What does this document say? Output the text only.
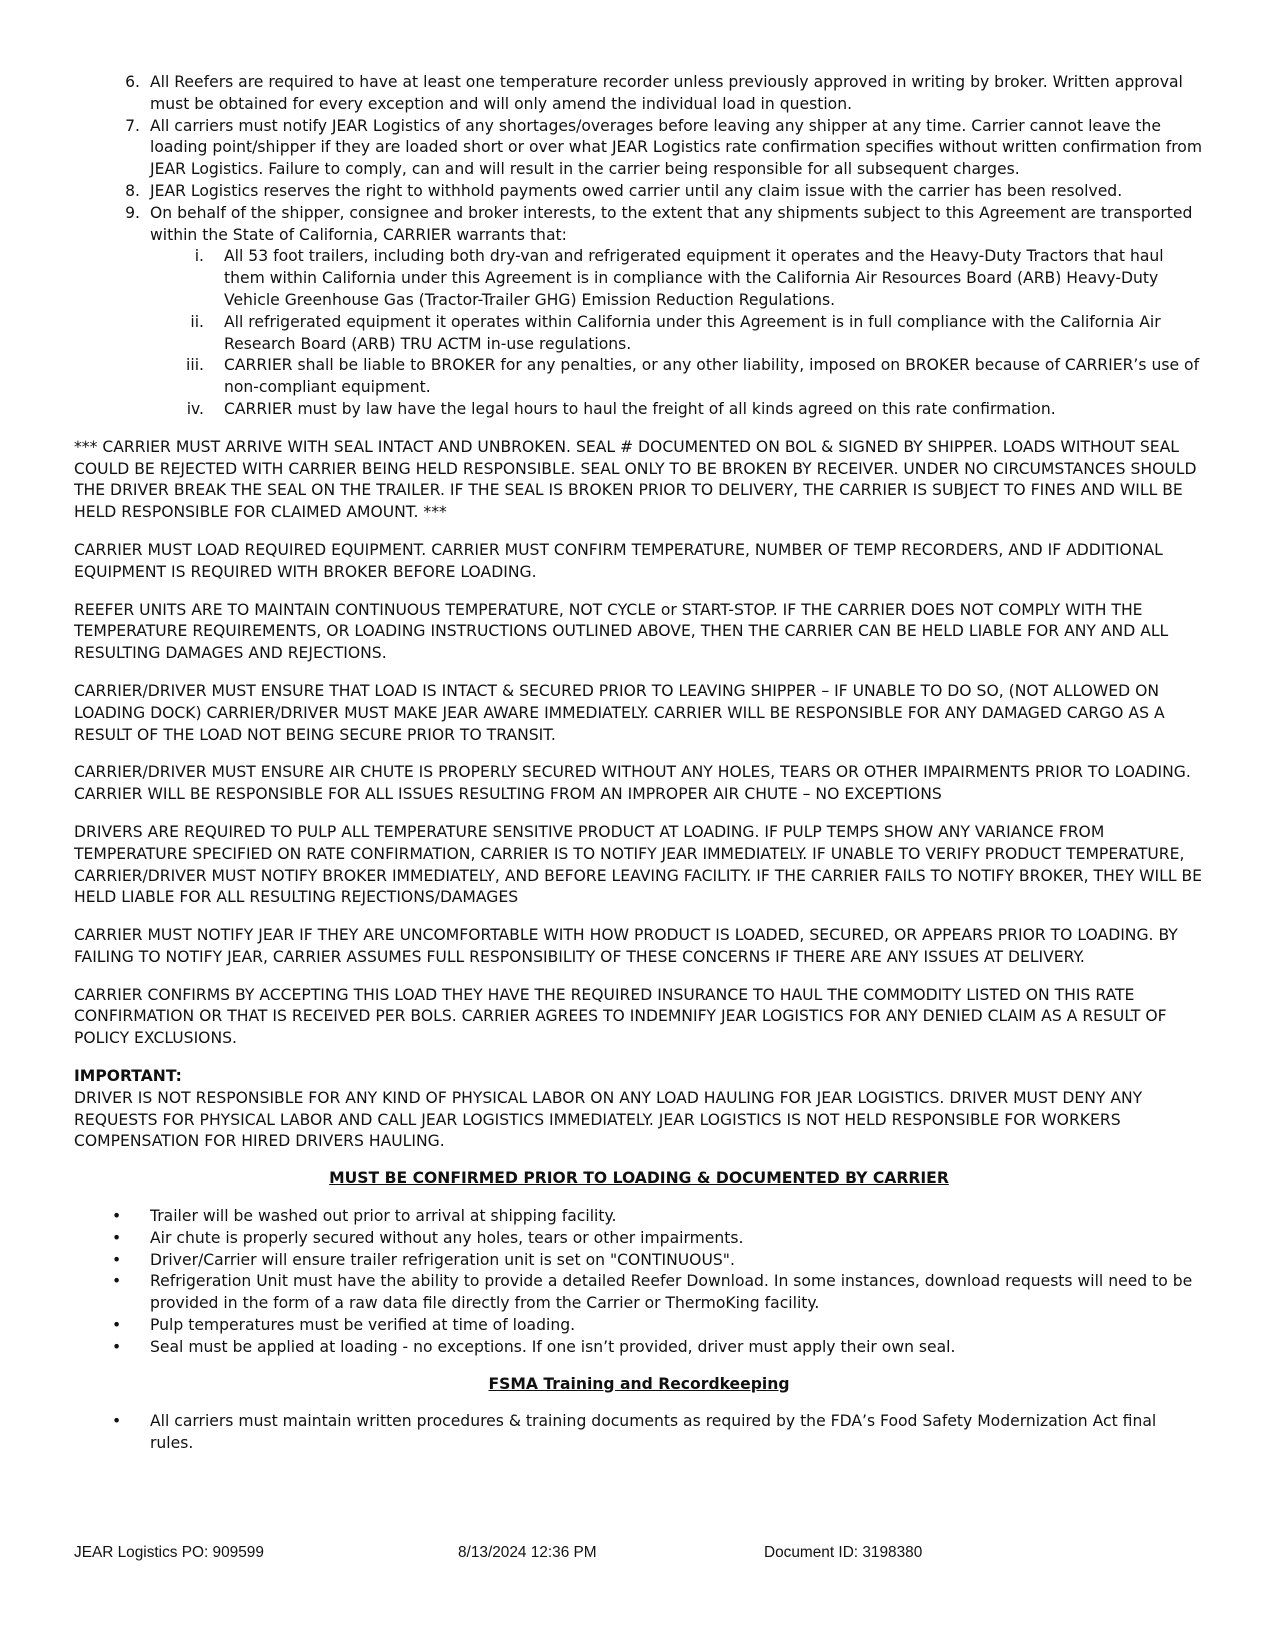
6. All Reefers are required to have at least one temperature recorder unless previously approved in writing by broker. Written approval must be obtained for every exception and will only amend the individual load in question.
7. All carriers must notify JEAR Logistics of any shortages/overages before leaving any shipper at any time. Carrier cannot leave the loading point/shipper if they are loaded short or over what JEAR Logistics rate confirmation specifies without written confirmation from JEAR Logistics. Failure to comply, can and will result in the carrier being responsible for all subsequent charges.
8. JEAR Logistics reserves the right to withhold payments owed carrier until any claim issue with the carrier has been resolved.
9. On behalf of the shipper, consignee and broker interests, to the extent that any shipments subject to this Agreement are transported within the State of California, CARRIER warrants that:
i. All 53 foot trailers, including both dry-van and refrigerated equipment it operates and the Heavy-Duty Tractors that haul them within California under this Agreement is in compliance with the California Air Resources Board (ARB) Heavy-Duty Vehicle Greenhouse Gas (Tractor-Trailer GHG) Emission Reduction Regulations.
ii. All refrigerated equipment it operates within California under this Agreement is in full compliance with the California Air Research Board (ARB) TRU ACTM in-use regulations.
iii. CARRIER shall be liable to BROKER for any penalties, or any other liability, imposed on BROKER because of CARRIER’s use of non-compliant equipment.
iv. CARRIER must by law have the legal hours to haul the freight of all kinds agreed on this rate confirmation.

*** CARRIER MUST ARRIVE WITH SEAL INTACT AND UNBROKEN. SEAL # DOCUMENTED ON BOL & SIGNED BY SHIPPER. LOADS WITHOUT SEAL COULD BE REJECTED WITH CARRIER BEING HELD RESPONSIBLE. SEAL ONLY TO BE BROKEN BY RECEIVER. UNDER NO CIRCUMSTANCES SHOULD THE DRIVER BREAK THE SEAL ON THE TRAILER. IF THE SEAL IS BROKEN PRIOR TO DELIVERY, THE CARRIER IS SUBJECT TO FINES AND WILL BE HELD RESPONSIBLE FOR CLAIMED AMOUNT. ***

CARRIER MUST LOAD REQUIRED EQUIPMENT. CARRIER MUST CONFIRM TEMPERATURE, NUMBER OF TEMP RECORDERS, AND IF ADDITIONAL EQUIPMENT IS REQUIRED WITH BROKER BEFORE LOADING.

REEFER UNITS ARE TO MAINTAIN CONTINUOUS TEMPERATURE, NOT CYCLE or START-STOP. IF THE CARRIER DOES NOT COMPLY WITH THE TEMPERATURE REQUIREMENTS, OR LOADING INSTRUCTIONS OUTLINED ABOVE, THEN THE CARRIER CAN BE HELD LIABLE FOR ANY AND ALL RESULTING DAMAGES AND REJECTIONS.

CARRIER/DRIVER MUST ENSURE THAT LOAD IS INTACT & SECURED PRIOR TO LEAVING SHIPPER – IF UNABLE TO DO SO, (NOT ALLOWED ON LOADING DOCK) CARRIER/DRIVER MUST MAKE JEAR AWARE IMMEDIATELY. CARRIER WILL BE RESPONSIBLE FOR ANY DAMAGED CARGO AS A RESULT OF THE LOAD NOT BEING SECURE PRIOR TO TRANSIT.

CARRIER/DRIVER MUST ENSURE AIR CHUTE IS PROPERLY SECURED WITHOUT ANY HOLES, TEARS OR OTHER IMPAIRMENTS PRIOR TO LOADING. CARRIER WILL BE RESPONSIBLE FOR ALL ISSUES RESULTING FROM AN IMPROPER AIR CHUTE – NO EXCEPTIONS

DRIVERS ARE REQUIRED TO PULP ALL TEMPERATURE SENSITIVE PRODUCT AT LOADING. IF PULP TEMPS SHOW ANY VARIANCE FROM TEMPERATURE SPECIFIED ON RATE CONFIRMATION, CARRIER IS TO NOTIFY JEAR IMMEDIATELY. IF UNABLE TO VERIFY PRODUCT TEMPERATURE, CARRIER/DRIVER MUST NOTIFY BROKER IMMEDIATELY, AND BEFORE LEAVING FACILITY. IF THE CARRIER FAILS TO NOTIFY BROKER, THEY WILL BE HELD LIABLE FOR ALL RESULTING REJECTIONS/DAMAGES

CARRIER MUST NOTIFY JEAR IF THEY ARE UNCOMFORTABLE WITH HOW PRODUCT IS LOADED, SECURED, OR APPEARS PRIOR TO LOADING. BY FAILING TO NOTIFY JEAR, CARRIER ASSUMES FULL RESPONSIBILITY OF THESE CONCERNS IF THERE ARE ANY ISSUES AT DELIVERY.

CARRIER CONFIRMS BY ACCEPTING THIS LOAD THEY HAVE THE REQUIRED INSURANCE TO HAUL THE COMMODITY LISTED ON THIS RATE CONFIRMATION OR THAT IS RECEIVED PER BOLS. CARRIER AGREES TO INDEMNIFY JEAR LOGISTICS FOR ANY DENIED CLAIM AS A RESULT OF POLICY EXCLUSIONS.

IMPORTANT:
DRIVER IS NOT RESPONSIBLE FOR ANY KIND OF PHYSICAL LABOR ON ANY LOAD HAULING FOR JEAR LOGISTICS. DRIVER MUST DENY ANY REQUESTS FOR PHYSICAL LABOR AND CALL JEAR LOGISTICS IMMEDIATELY. JEAR LOGISTICS IS NOT HELD RESPONSIBLE FOR WORKERS COMPENSATION FOR HIRED DRIVERS HAULING.
MUST BE CONFIRMED PRIOR TO LOADING & DOCUMENTED BY CARRIER
• Trailer will be washed out prior to arrival at shipping facility.
• Air chute is properly secured without any holes, tears or other impairments.
• Driver/Carrier will ensure trailer refrigeration unit is set on "CONTINUOUS".
• Refrigeration Unit must have the ability to provide a detailed Reefer Download. In some instances, download requests will need to be provided in the form of a raw data file directly from the Carrier or ThermoKing facility.
• Pulp temperatures must be verified at time of loading.
• Seal must be applied at loading - no exceptions. If one isn’t provided, driver must apply their own seal.
FSMA Training and Recordkeeping
• All carriers must maintain written procedures & training documents as required by the FDA’s Food Safety Modernization Act final rules.
JEAR Logistics PO: 909599	8/13/2024 12:36 PM	Document ID: 3198380
